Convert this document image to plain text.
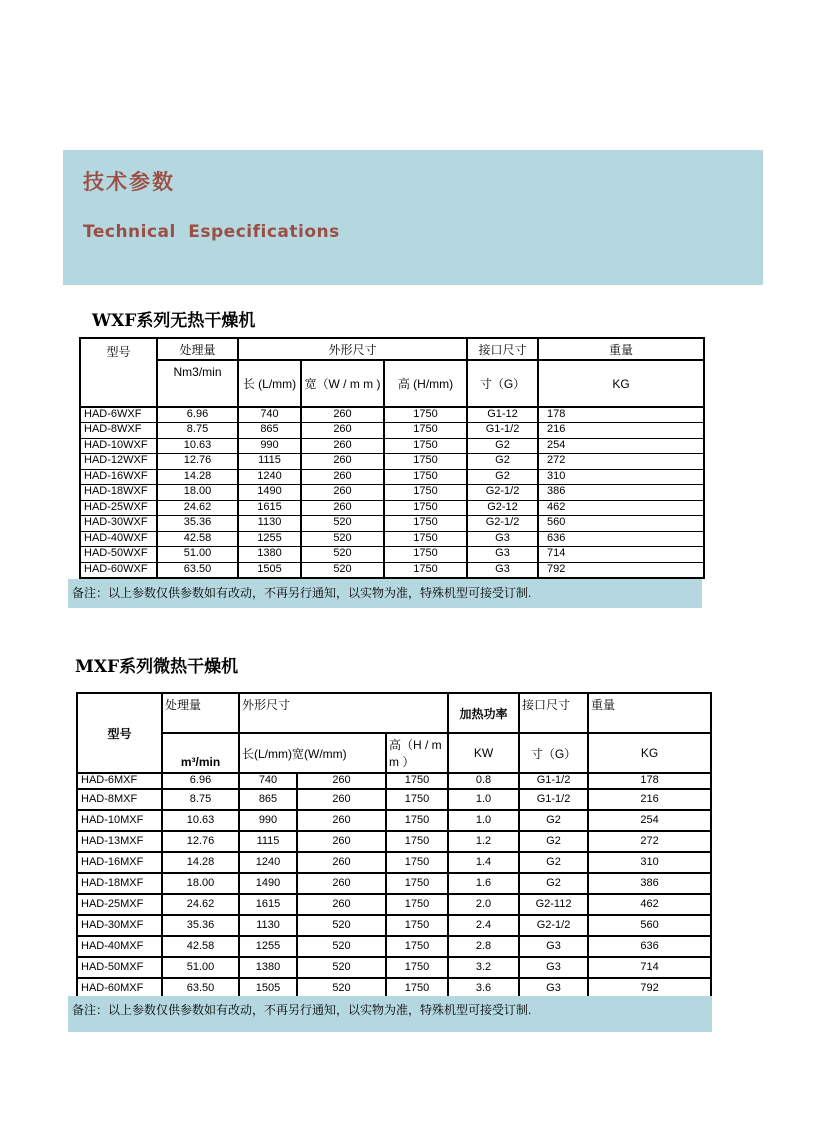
技术参数
Technical Especifications
WXF系列无热干燥机
型号	处理量	外形尺寸			接口尺寸	重量
	Nm3/min	长 (L/mm)	宽（W / m m )	高 (H/mm)	寸（G）	KG
HAD-6WXF	6.96	740	260	1750	G1-12	178
HAD-8WXF	8.75	865	260	1750	G1-1/2	216
HAD-10WXF	10.63	990	260	1750	G2	254
HAD-12WXF	12.76	1115	260	1750	G2	272
HAD-16WXF	14.28	1240	260	1750	G2	310
HAD-18WXF	18.00	1490	260	1750	G2-1/2	386
HAD-25WXF	24.62	1615	260	1750	G2-12	462
HAD-30WXF	35.36	1130	520	1750	G2-1/2	560
HAD-40WXF	42.58	1255	520	1750	G3	636
HAD-50WXF	51.00	1380	520	1750	G3	714
HAD-60WXF	63.50	1505	520	1750	G3	792
备注：以上参数仅供参数如有改动，不再另行通知，以实物为准，特殊机型可接受订制.
MXF系列微热干燥机
型号	处理量	外形尺寸			加热功率	接口尺寸	重量
	m³/min	长(L/mm)宽(W/mm)		高（H / m m ）	KW	寸（G）	KG
HAD-6MXF	6.96	740	260	1750	0.8	G1-1/2	178
HAD-8MXF	8.75	865	260	1750	1.0	G1-1/2	216
HAD-10MXF	10.63	990	260	1750	1.0	G2	254
HAD-13MXF	12.76	1115	260	1750	1.2	G2	272
HAD-16MXF	14.28	1240	260	1750	1.4	G2	310
HAD-18MXF	18.00	1490	260	1750	1.6	G2	386
HAD-25MXF	24.62	1615	260	1750	2.0	G2-112	462
HAD-30MXF	35.36	1130	520	1750	2.4	G2-1/2	560
HAD-40MXF	42.58	1255	520	1750	2.8	G3	636
HAD-50MXF	51.00	1380	520	1750	3.2	G3	714
HAD-60MXF	63.50	1505	520	1750	3.6	G3	792
备注：以上参数仅供参数如有改动，不再另行通知，以实物为准，特殊机型可接受订制.
